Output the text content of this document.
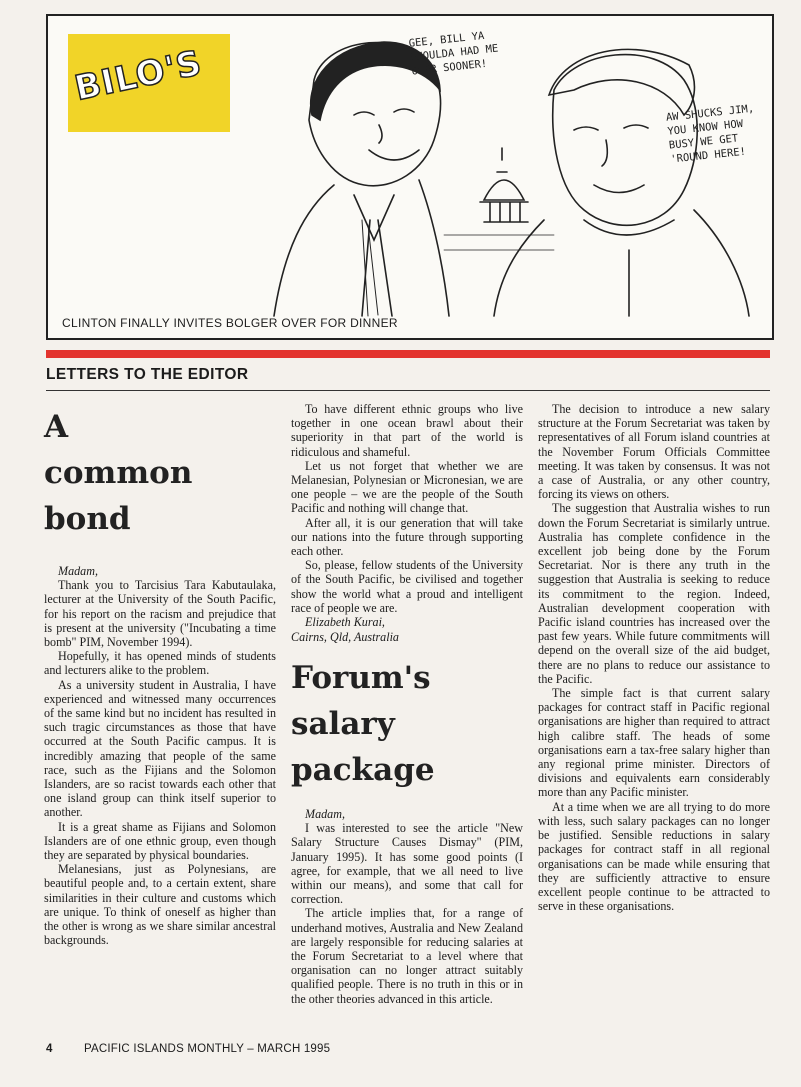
BILO'S
GEE, BILL YA SHOULDA HAD ME OVER SOONER!
AW SHUCKS JIM, YOU KNOW HOW BUSY WE GET 'ROUND HERE!
CLINTON FINALLY INVITES BOLGER OVER FOR DINNER
LETTERS TO THE EDITOR
A
common
bond

Madam,

Thank you to Tarcisius Tara Kabutaulaka, lecturer at the University of the South Pacific, for his report on the racism and prejudice that is present at the university ("Incubating a time bomb" PIM, November 1994).

Hopefully, it has opened minds of students and lecturers alike to the problem.

As a university student in Australia, I have experienced and witnessed many occurrences of the same kind but no incident has resulted in such tragic circumstances as those that have occurred at the South Pacific campus. It is incredibly amazing that people of the same race, such as the Fijians and the Solomon Islanders, are so racist towards each other that one island group can think itself superior to another.

It is a great shame as Fijians and Solomon Islanders are of one ethnic group, even though they are separated by physical boundaries.

Melanesians, just as Polynesians, are beautiful people and, to a certain extent, share similarities in their culture and customs which are unique. To think of oneself as higher than the other is wrong as we share similar ancestral backgrounds.

To have different ethnic groups who live together in one ocean brawl about their superiority in that part of the world is ridiculous and shameful.

Let us not forget that whether we are Melanesian, Polynesian or Micronesian, we are one people – we are the people of the South Pacific and nothing will change that.

After all, it is our generation that will take our nations into the future through supporting each other.

So, please, fellow students of the University of the South Pacific, be civilised and together show the world what a proud and intelligent race of people we are.

Elizabeth Kurai,
Cairns, Qld, Australia

Forum's
salary
package

Madam,

I was interested to see the article "New Salary Structure Causes Dismay" (PIM, January 1995). It has some good points (I agree, for example, that we all need to live within our means), and some that call for correction.

The article implies that, for a range of underhand motives, Australia and New Zealand are largely responsible for reducing salaries at the Forum Secretariat to a level where that organisation can no longer attract suitably qualified people. There is no truth in this or in the other theories advanced in this article.

The decision to introduce a new salary structure at the Forum Secretariat was taken by representatives of all Forum island countries at the November Forum Officials Committee meeting. It was taken by consensus. It was not a case of Australia, or any other country, forcing its views on others.

The suggestion that Australia wishes to run down the Forum Secretariat is similarly untrue. Australia has complete confidence in the excellent job being done by the Forum Secretariat. Nor is there any truth in the suggestion that Australia is seeking to reduce its commitment to the region. Indeed, Australian development cooperation with Pacific island countries has increased over the past few years. While future commitments will depend on the overall size of the aid budget, there are no plans to reduce our assistance to the Pacific.

The simple fact is that current salary packages for contract staff in Pacific regional organisations are higher than required to attract high calibre staff. The heads of some organisations earn a tax-free salary higher than any regional prime minister. Directors of divisions and equivalents earn considerably more than any Pacific minister.

At a time when we are all trying to do more with less, such salary packages can no longer be justified. Sensible reductions in salary packages for contract staff in all regional organisations can be made while ensuring that they are sufficiently attractive to ensure excellent people continue to be attracted to serve in these organisations.

4	PACIFIC ISLANDS MONTHLY – MARCH 1995
